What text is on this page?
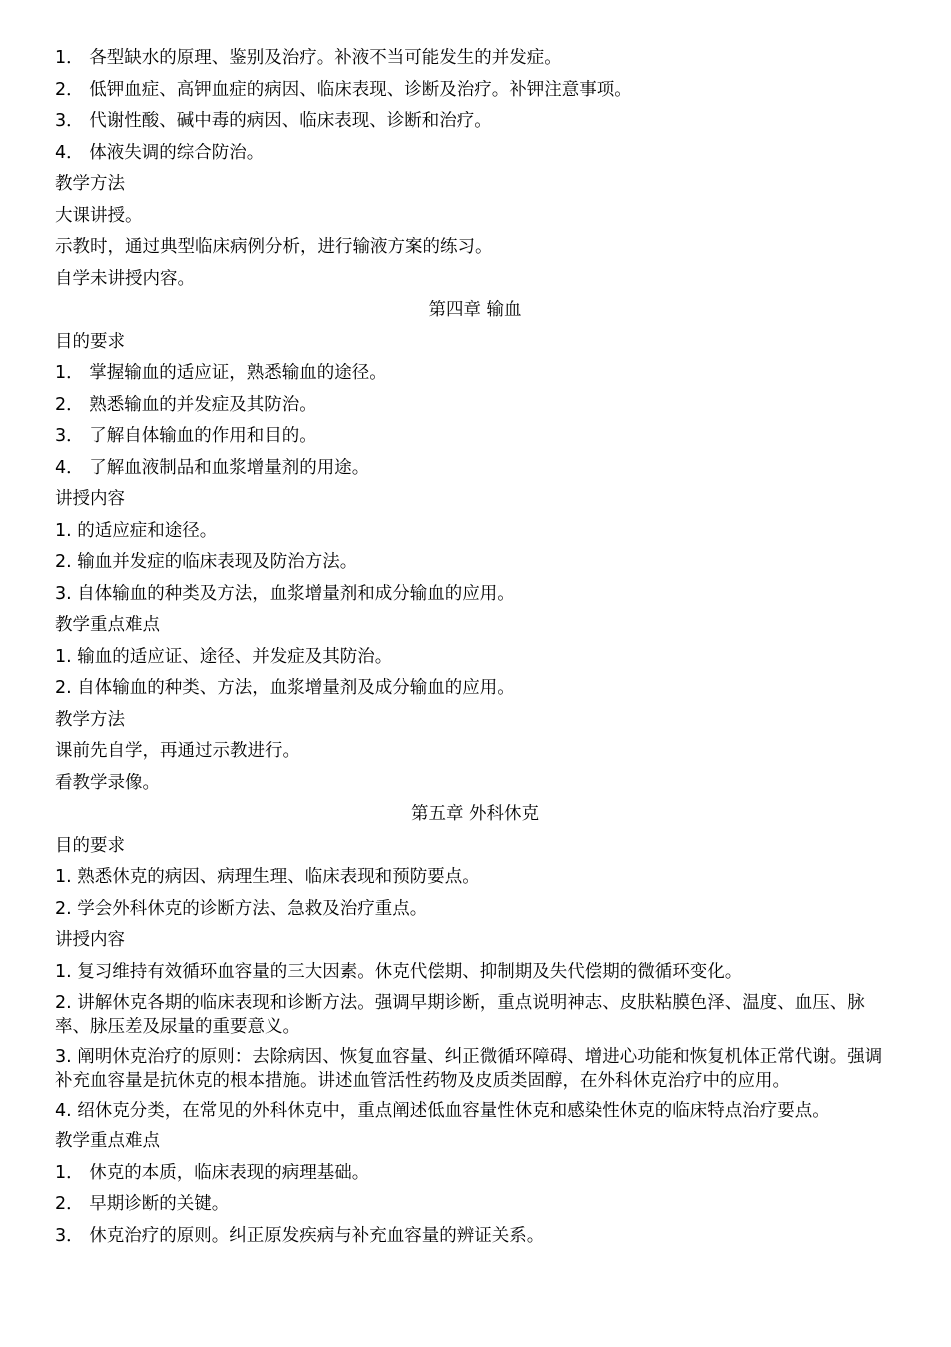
1． 各型缺水的原理、鉴别及治疗。补液不当可能发生的并发症。
2． 低钾血症、高钾血症的病因、临床表现、诊断及治疗。补钾注意事项。
3． 代谢性酸、碱中毒的病因、临床表现、诊断和治疗。
4． 体液失调的综合防治。
教学方法
大课讲授。
示教时，通过典型临床病例分析，进行输液方案的练习。
自学未讲授内容。
第四章 输血
目的要求
1． 掌握输血的适应证，熟悉输血的途径。
2． 熟悉输血的并发症及其防治。
3． 了解自体输血的作用和目的。
4． 了解血液制品和血浆增量剂的用途。
讲授内容
1. 的适应症和途径。
2. 输血并发症的临床表现及防治方法。
3. 自体输血的种类及方法，血浆增量剂和成分输血的应用。
教学重点难点
1. 输血的适应证、途径、并发症及其防治。
2. 自体输血的种类、方法，血浆增量剂及成分输血的应用。
教学方法
课前先自学，再通过示教进行。
看教学录像。
第五章 外科休克
目的要求
1. 熟悉休克的病因、病理生理、临床表现和预防要点。
2. 学会外科休克的诊断方法、急救及治疗重点。
讲授内容
1. 复习维持有效循环血容量的三大因素。休克代偿期、抑制期及失代偿期的微循环变化。
2. 讲解休克各期的临床表现和诊断方法。强调早期诊断，重点说明神志、皮肤粘膜色泽、温度、血压、脉率、脉压差及尿量的重要意义。
3. 阐明休克治疗的原则：去除病因、恢复血容量、纠正微循环障碍、增进心功能和恢复机体正常代谢。强调补充血容量是抗休克的根本措施。讲述血管活性药物及皮质类固醇，在外科休克治疗中的应用。
4. 绍休克分类，在常见的外科休克中，重点阐述低血容量性休克和感染性休克的临床特点治疗要点。
教学重点难点
1． 休克的本质，临床表现的病理基础。
2． 早期诊断的关键。
3． 休克治疗的原则。纠正原发疾病与补充血容量的辨证关系。
